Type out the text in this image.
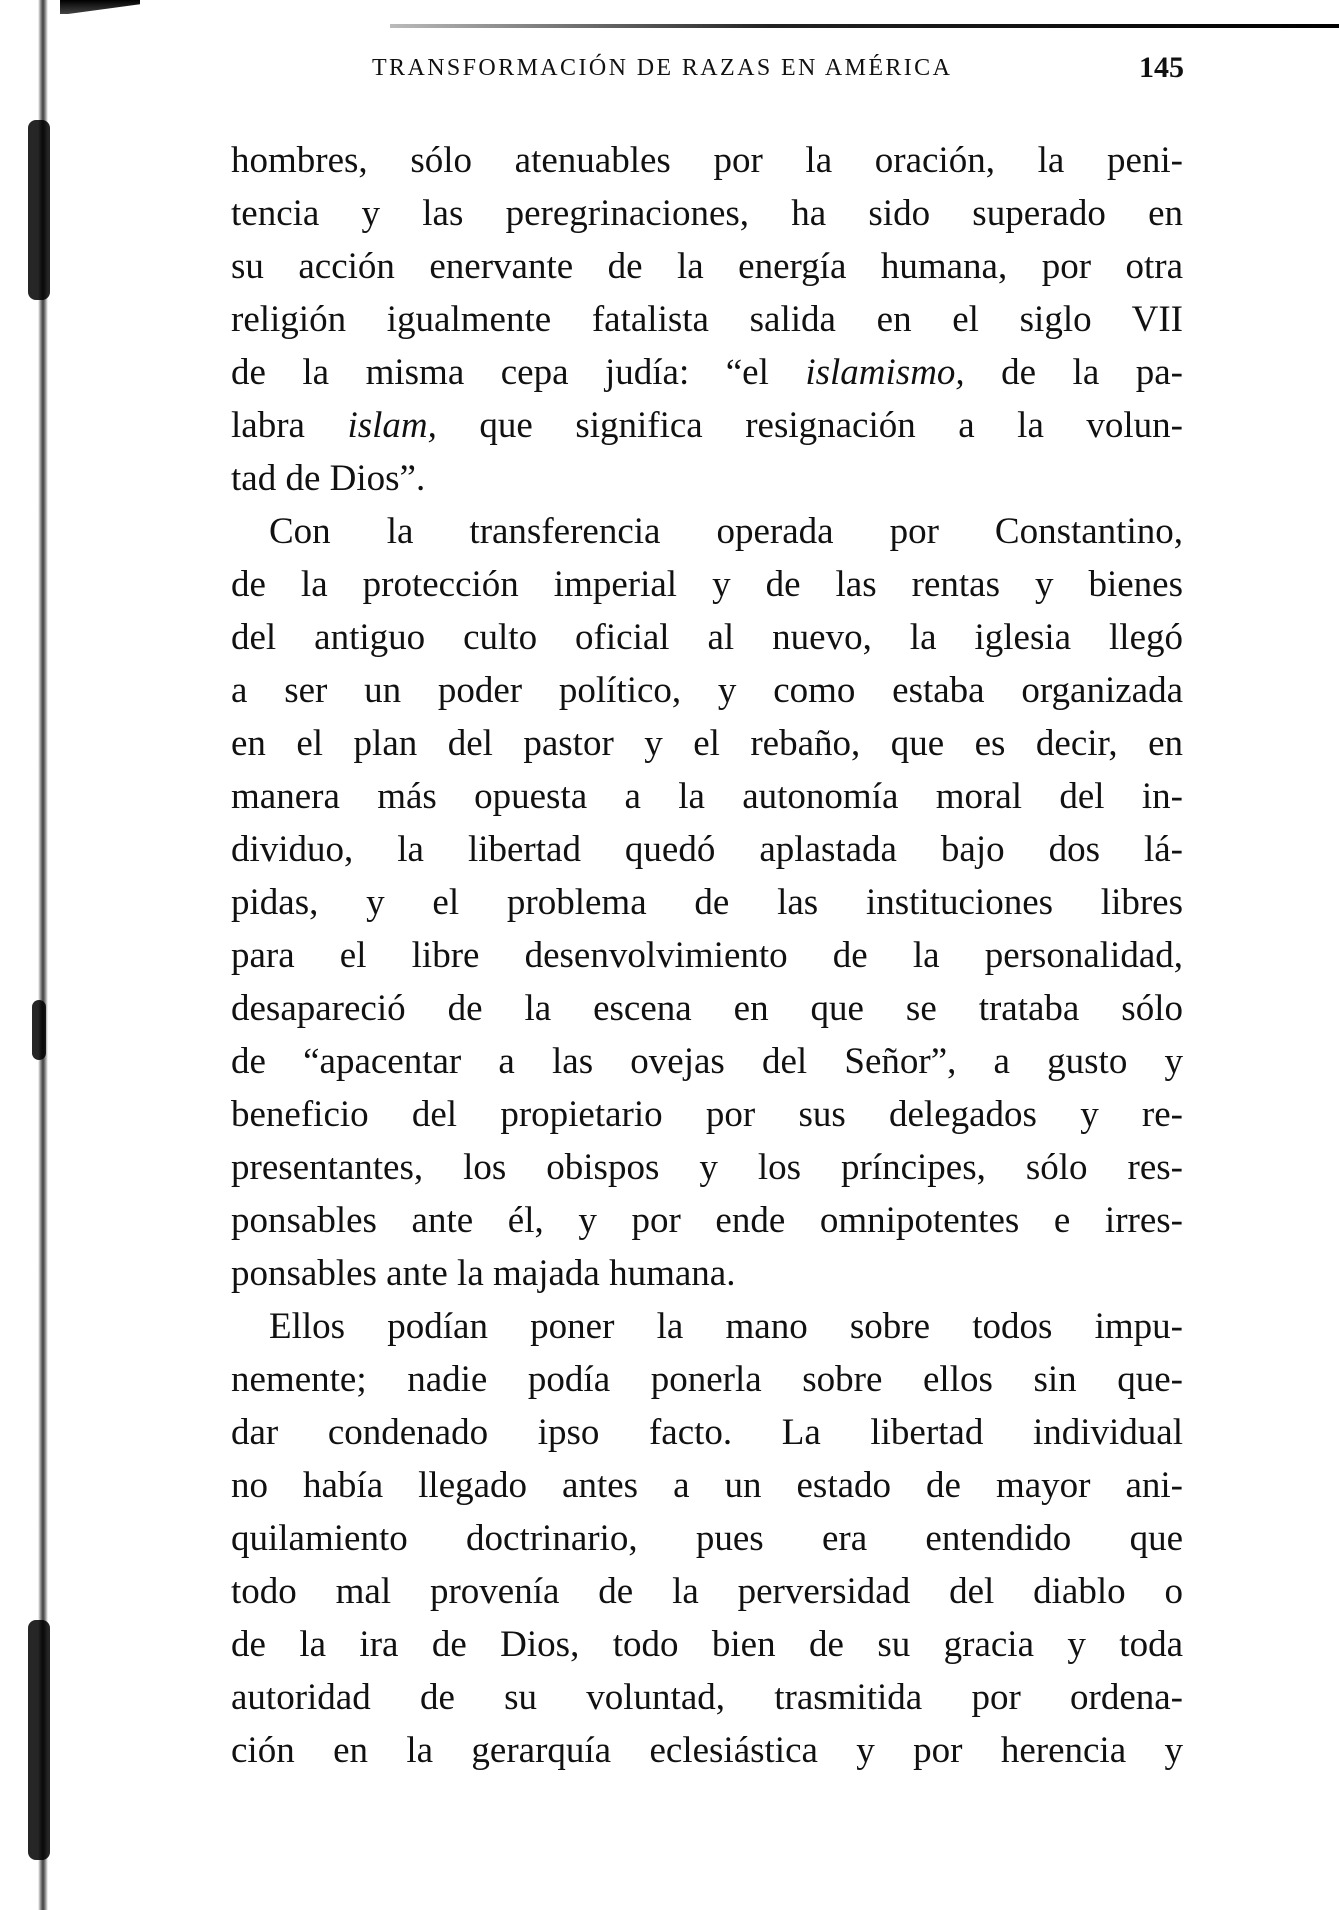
TRANSFORMACIÓN DE RAZAS EN AMÉRICA	145
hombres, sólo atenuables por la oración, la peni-
tencia y las peregrinaciones, ha sido superado en
su acción enervante de la energía humana, por otra
religión igualmente fatalista salida en el siglo VII
de la misma cepa judía: “el islamismo, de la pa-
labra islam, que significa resignación a la volun-
tad de Dios”.
Con la transferencia operada por Constantino,
de la protección imperial y de las rentas y bienes
del antiguo culto oficial al nuevo, la iglesia llegó
a ser un poder político, y como estaba organizada
en el plan del pastor y el rebaño, que es decir, en
manera más opuesta a la autonomía moral del in-
dividuo, la libertad quedó aplastada bajo dos lá-
pidas, y el problema de las instituciones libres
para el libre desenvolvimiento de la personalidad,
desapareció de la escena en que se trataba sólo
de “apacentar a las ovejas del Señor”, a gusto y
beneficio del propietario por sus delegados y re-
presentantes, los obispos y los príncipes, sólo res-
ponsables ante él, y por ende omnipotentes e irres-
ponsables ante la majada humana.
Ellos podían poner la mano sobre todos impu-
nemente; nadie podía ponerla sobre ellos sin que-
dar condenado ipso facto. La libertad individual
no había llegado antes a un estado de mayor ani-
quilamiento doctrinario, pues era entendido que
todo mal provenía de la perversidad del diablo o
de la ira de Dios, todo bien de su gracia y toda
autoridad de su voluntad, trasmitida por ordena-
ción en la gerarquía eclesiástica y por herencia y
